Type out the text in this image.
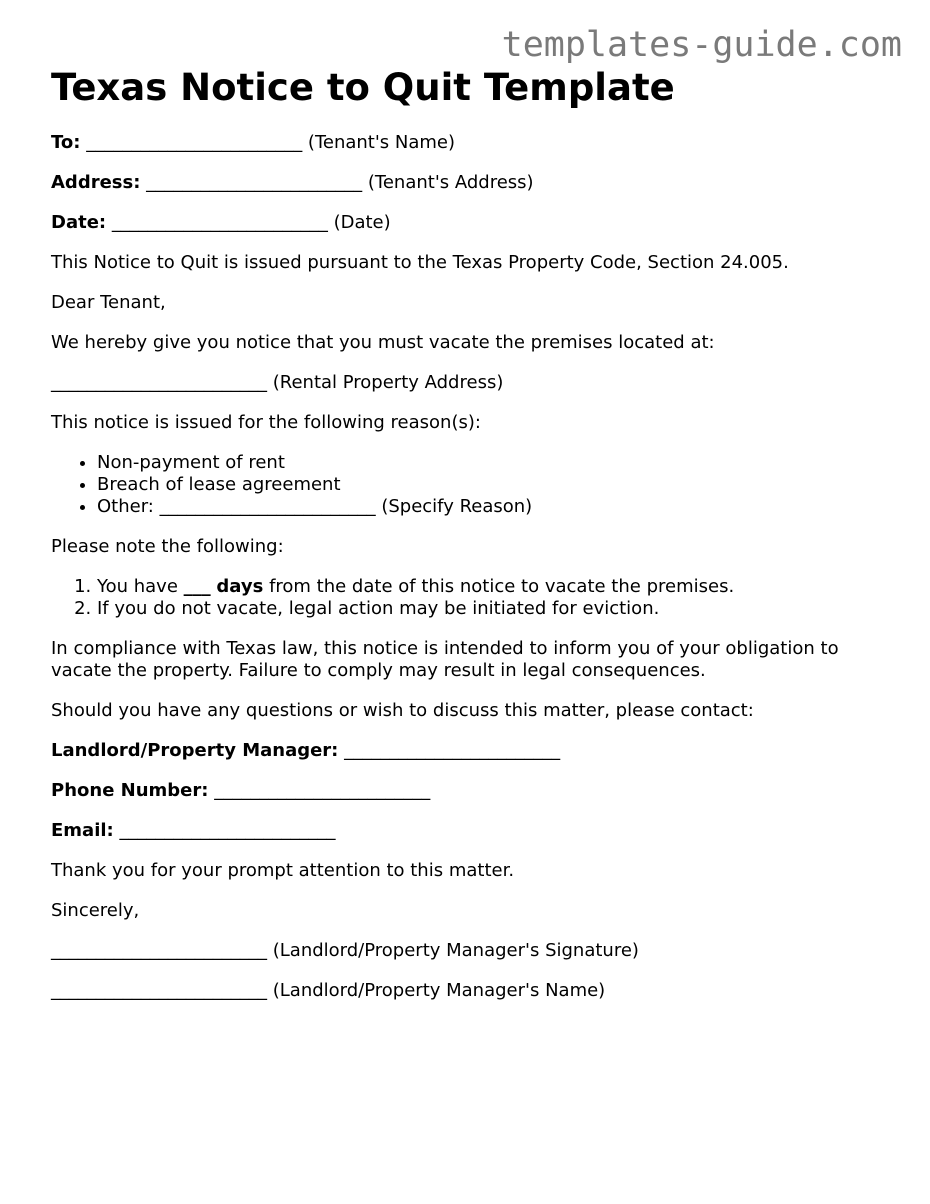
templates-guide.com
Texas Notice to Quit Template

To: ________________________ (Tenant's Name)

Address: ________________________ (Tenant's Address)

Date: ________________________ (Date)

This Notice to Quit is issued pursuant to the Texas Property Code, Section 24.005.

Dear Tenant,

We hereby give you notice that you must vacate the premises located at:

________________________ (Rental Property Address)

This notice is issued for the following reason(s):

• Non-payment of rent
• Breach of lease agreement
• Other: ________________________ (Specify Reason)

Please note the following:

1. You have ___ days from the date of this notice to vacate the premises.
2. If you do not vacate, legal action may be initiated for eviction.

In compliance with Texas law, this notice is intended to inform you of your obligation to vacate the property. Failure to comply may result in legal consequences.

Should you have any questions or wish to discuss this matter, please contact:

Landlord/Property Manager: ________________________

Phone Number: ________________________

Email: ________________________

Thank you for your prompt attention to this matter.

Sincerely,

________________________ (Landlord/Property Manager's Signature)

________________________ (Landlord/Property Manager's Name)
